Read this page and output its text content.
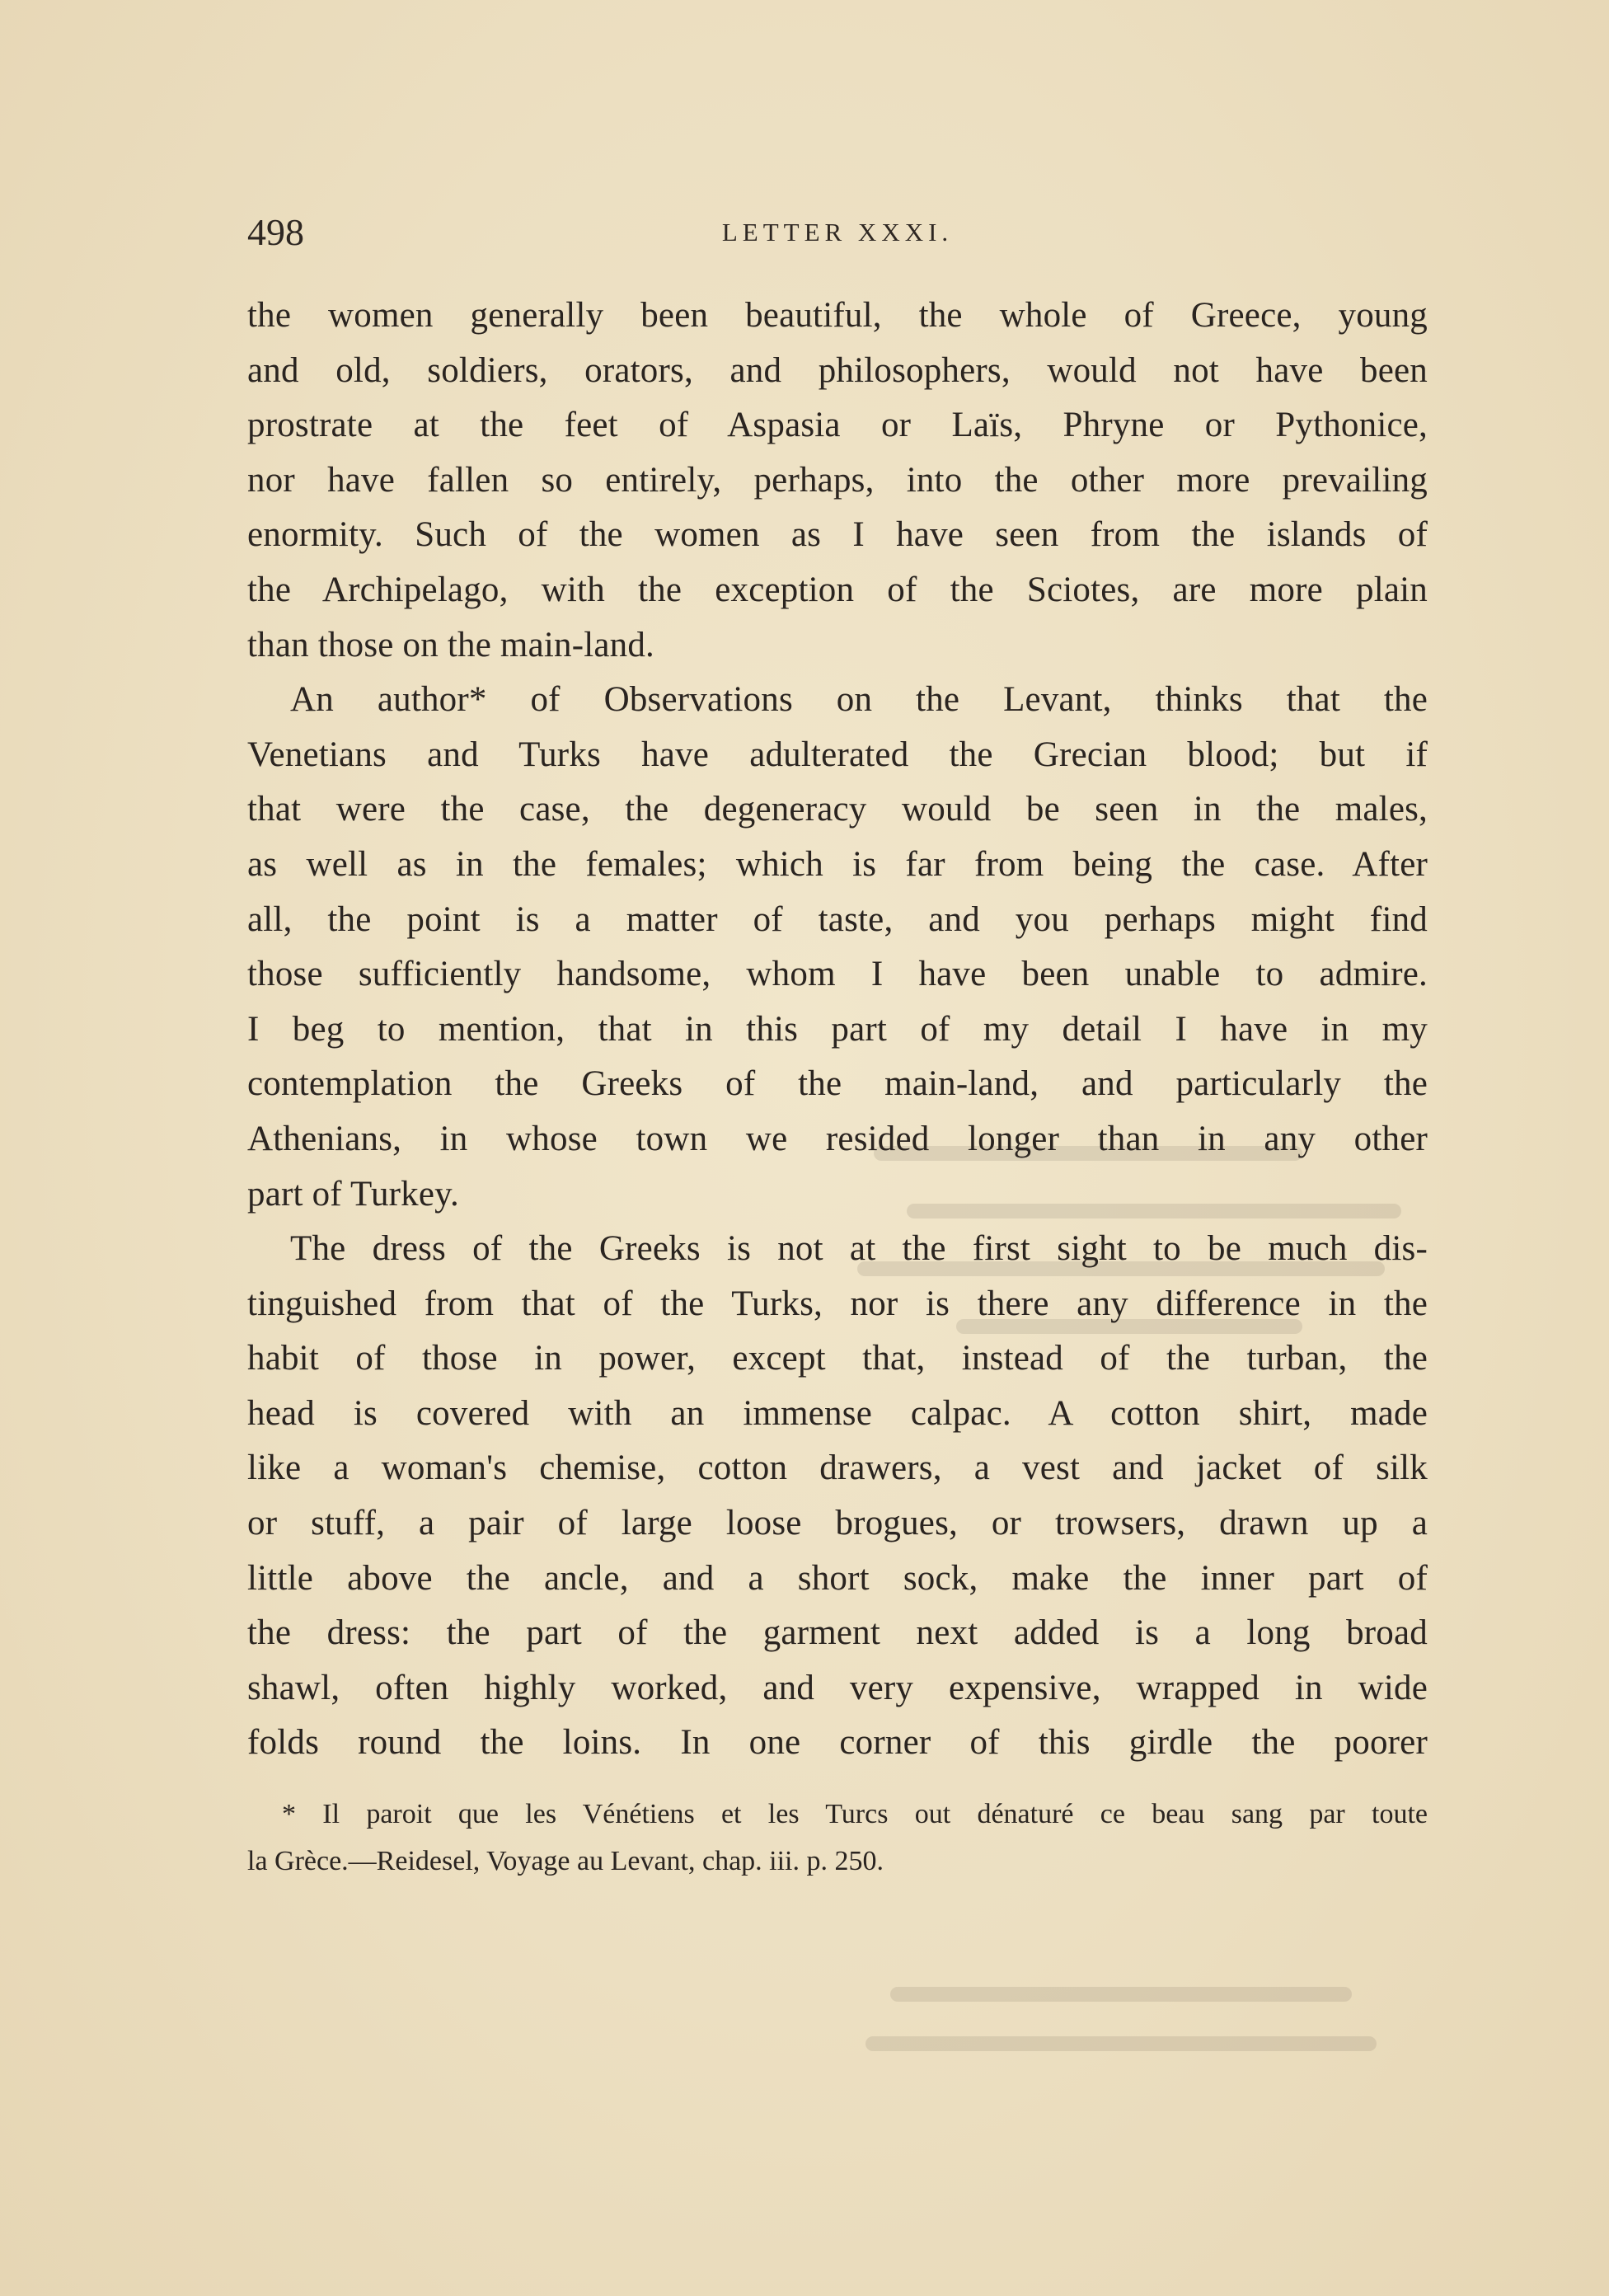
498	LETTER XXXI.
the women generally been beautiful, the whole of Greece, young
and old, soldiers, orators, and philosophers, would not have been
prostrate at the feet of Aspasia or Laïs, Phryne or Pythonice,
nor have fallen so entirely, perhaps, into the other more prevailing
enormity. Such of the women as I have seen from the islands of
the Archipelago, with the exception of the Sciotes, are more plain
than those on the main-land.
An author* of Observations on the Levant, thinks that the
Venetians and Turks have adulterated the Grecian blood; but if
that were the case, the degeneracy would be seen in the males,
as well as in the females; which is far from being the case. After
all, the point is a matter of taste, and you perhaps might find
those sufficiently handsome, whom I have been unable to admire.
I beg to mention, that in this part of my detail I have in my
contemplation the Greeks of the main-land, and particularly the
Athenians, in whose town we resided longer than in any other
part of Turkey.
The dress of the Greeks is not at the first sight to be much dis-
tinguished from that of the Turks, nor is there any difference in the
habit of those in power, except that, instead of the turban, the
head is covered with an immense calpac. A cotton shirt, made
like a woman's chemise, cotton drawers, a vest and jacket of silk
or stuff, a pair of large loose brogues, or trowsers, drawn up a
little above the ancle, and a short sock, make the inner part of
the dress: the part of the garment next added is a long broad
shawl, often highly worked, and very expensive, wrapped in wide
folds round the loins. In one corner of this girdle the poorer
* Il paroit que les Vénétiens et les Turcs out dénaturé ce beau sang par toute
la Grèce.—Reidesel, Voyage au Levant, chap. iii. p. 250.
